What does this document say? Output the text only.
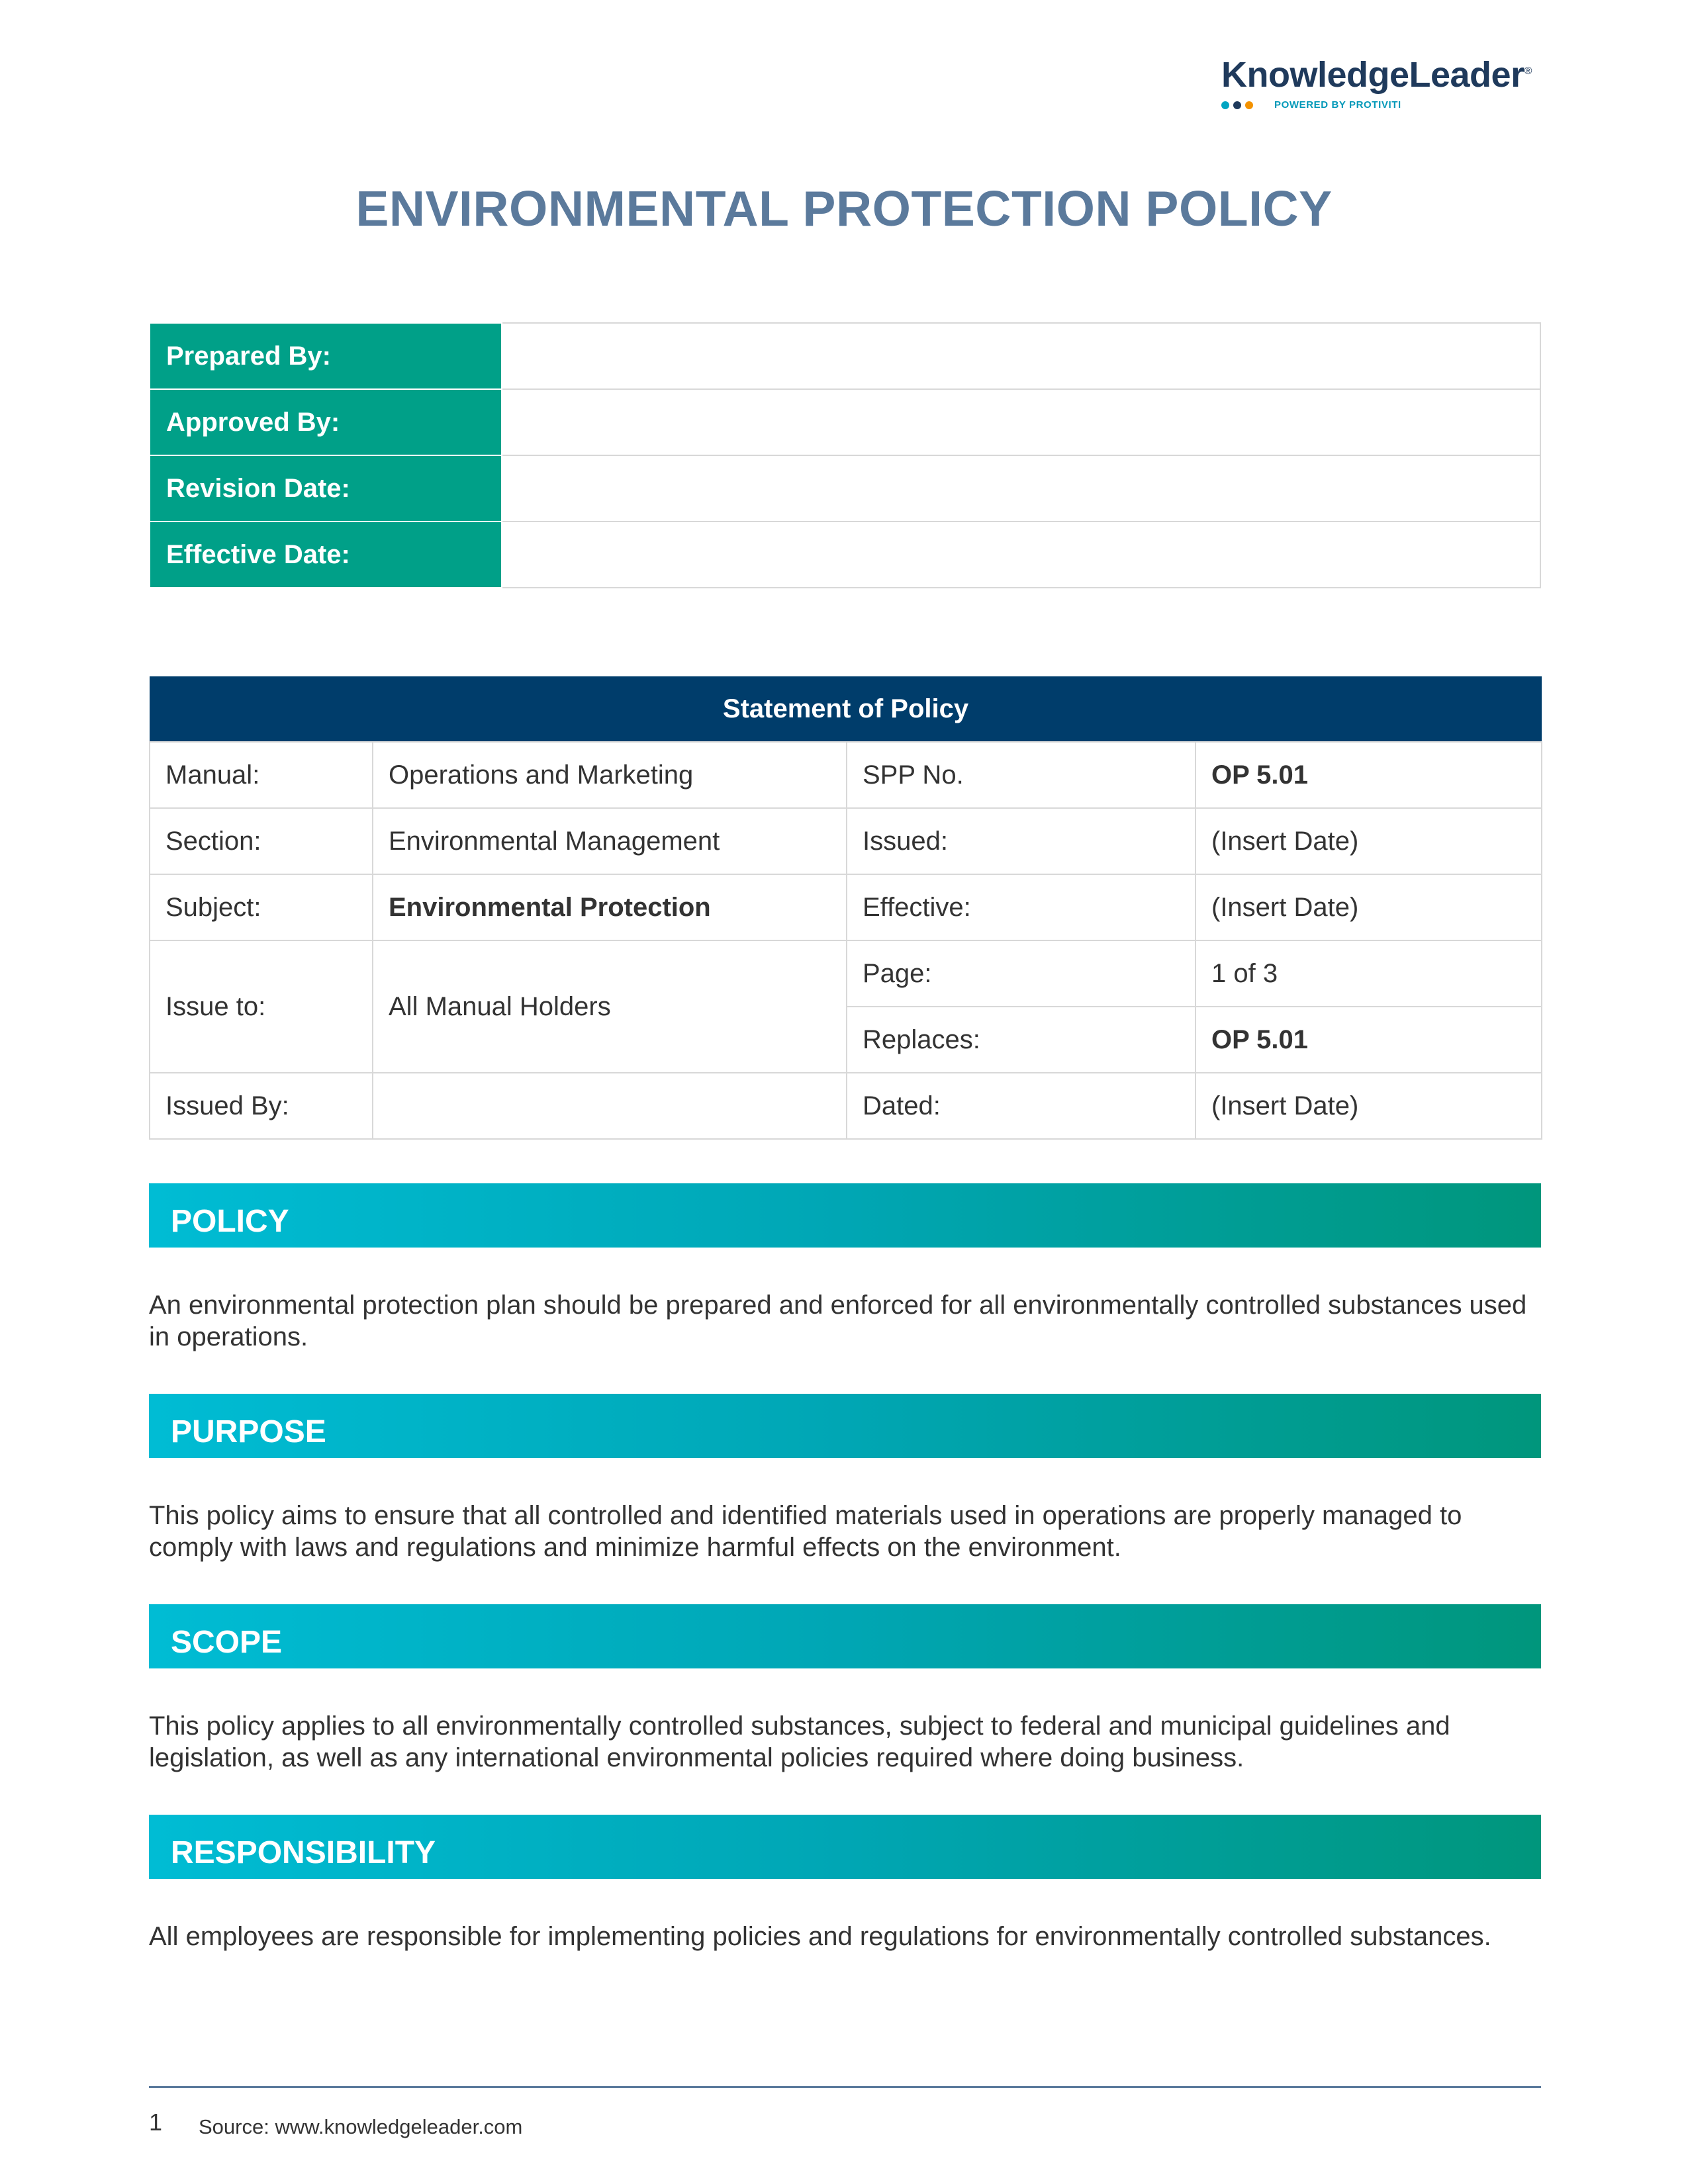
KnowledgeLeader®
POWERED BY PROTIVITI
ENVIRONMENTAL PROTECTION POLICY
Prepared By:	
Approved By:	
Revision Date:	
Effective Date:	
Statement of Policy			
Manual:	Operations and Marketing	SPP No.	OP 5.01
Section:	Environmental Management	Issued:	(Insert Date)
Subject:	Environmental Protection	Effective:	(Insert Date)
Issue to:	All Manual Holders	Page:	1 of 3
		Replaces:	OP 5.01
Issued By:		Dated:	(Insert Date)
POLICY
An environmental protection plan should be prepared and enforced for all environmentally controlled substances used in operations.
PURPOSE
This policy aims to ensure that all controlled and identified materials used in operations are properly managed to comply with laws and regulations and minimize harmful effects on the environment.
SCOPE
This policy applies to all environmentally controlled substances, subject to federal and municipal guidelines and legislation, as well as any international environmental policies required where doing business.
RESPONSIBILITY
All employees are responsible for implementing policies and regulations for environmentally controlled substances.
1 Source: www.knowledgeleader.com
